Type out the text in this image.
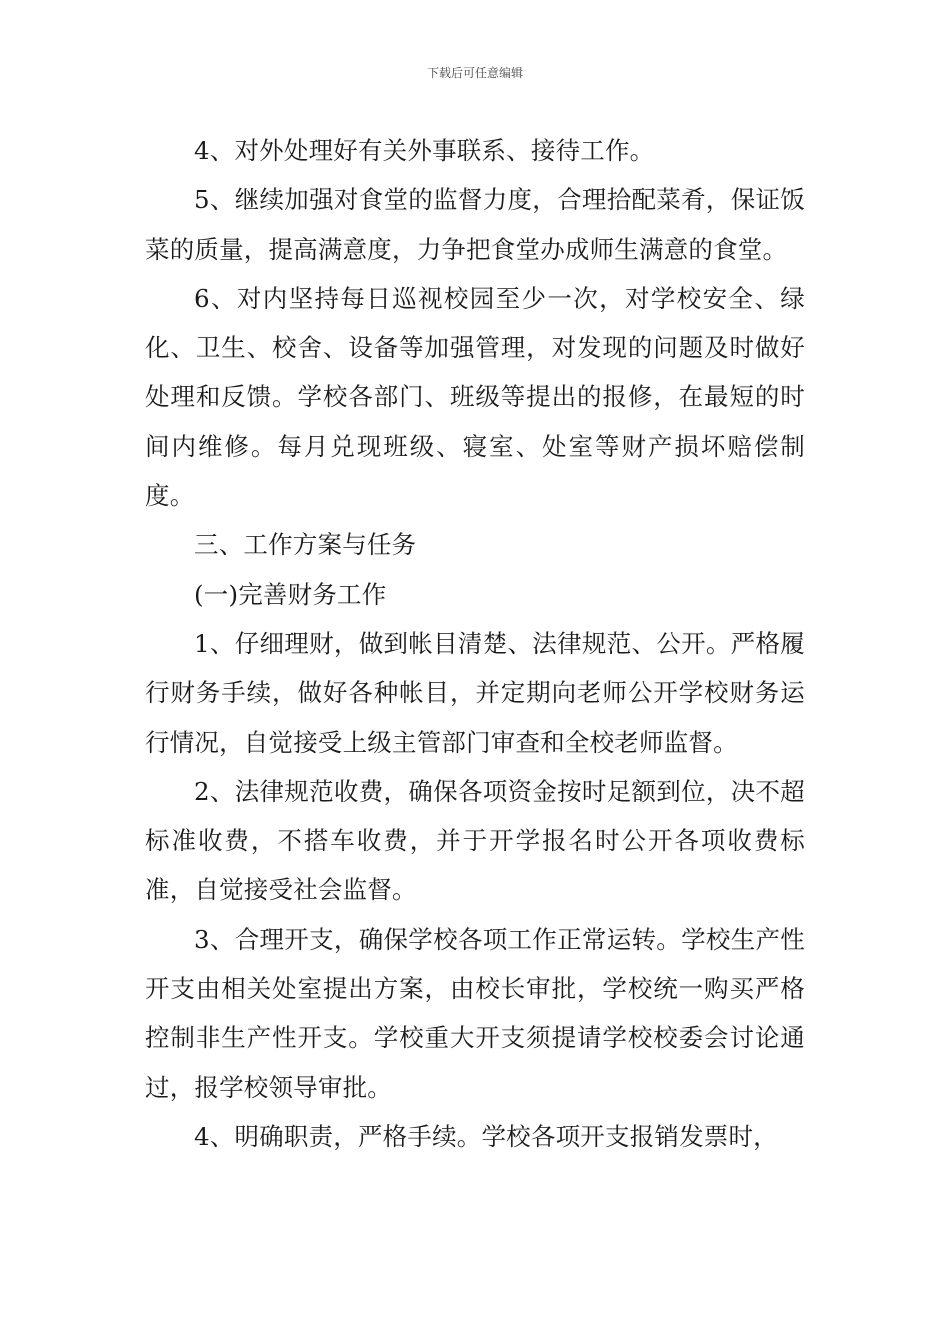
下载后可任意编辑

4、对外处理好有关外事联系、接待工作。

5、继续加强对食堂的监督力度，合理拾配菜肴，保证饭菜的质量，提高满意度，力争把食堂办成师生满意的食堂。

6、对内坚持每日巡视校园至少一次，对学校安全、绿化、卫生、校舍、设备等加强管理，对发现的问题及时做好处理和反馈。学校各部门、班级等提出的报修，在最短的时间内维修。每月兑现班级、寝室、处室等财产损坏赔偿制度。

三、工作方案与任务

(一)完善财务工作

1、仔细理财，做到帐目清楚、法律规范、公开。严格履行财务手续，做好各种帐目，并定期向老师公开学校财务运行情况，自觉接受上级主管部门审查和全校老师监督。

2、法律规范收费，确保各项资金按时足额到位，决不超标准收费，不搭车收费，并于开学报名时公开各项收费标准，自觉接受社会监督。

3、合理开支，确保学校各项工作正常运转。学校生产性开支由相关处室提出方案，由校长审批，学校统一购买严格控制非生产性开支。学校重大开支须提请学校校委会讨论通过，报学校领导审批。

4、明确职责，严格手续。学校各项开支报销发票时，
